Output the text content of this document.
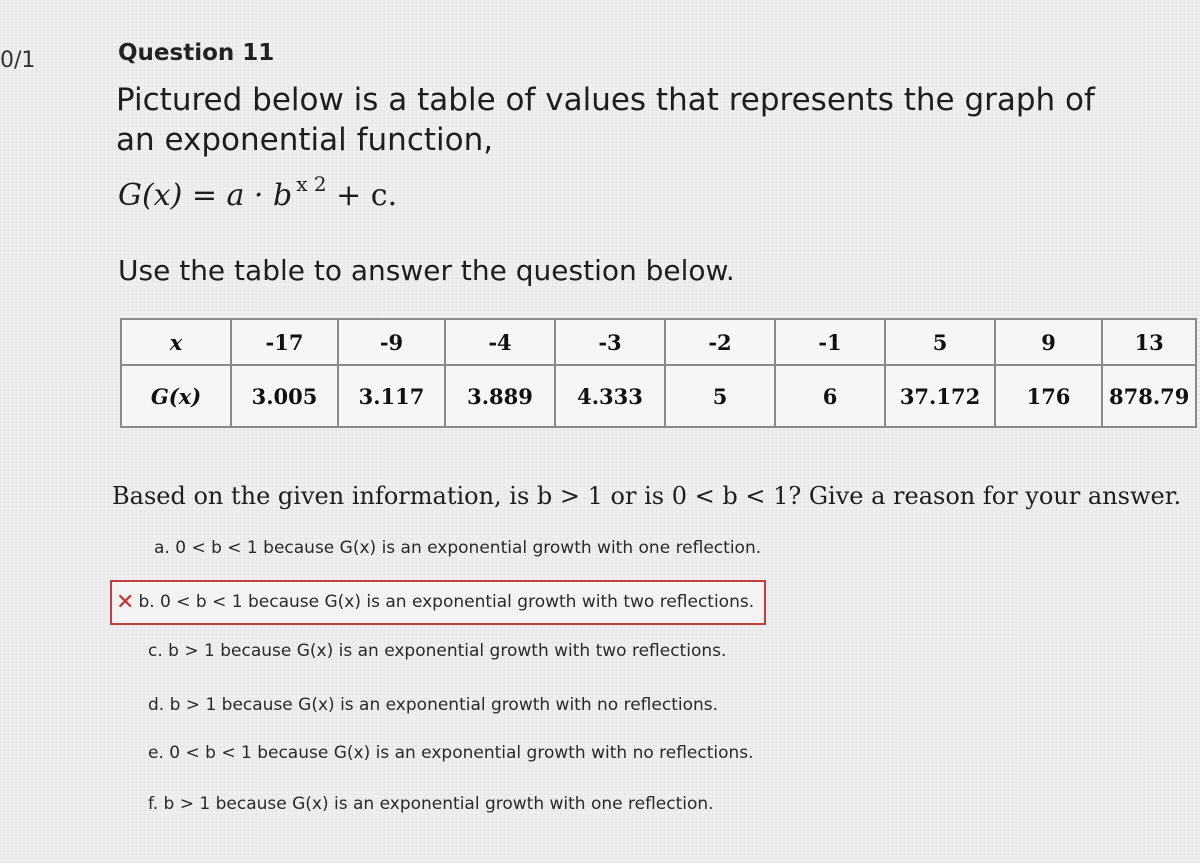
0/1	Question 11
Pictured below is a table of values that represents the graph of an exponential function,
G(x) = a · b $^{x 2}$ + c.
Use the table to answer the question below.
x	-17	-9	-4	-3	-2	-1	5	9	13
G(x)	3.005	3.117	3.889	4.333	5	6	37.172	176	878.79
Based on the given information, is b > 1 or is 0 < b < 1? Give a reason for your answer.
a. 0 < b < 1 because G(x) is an exponential growth with one reflection.
✕ b. 0 < b < 1 because G(x) is an exponential growth with two reflections.
c. b > 1 because G(x) is an exponential growth with two reflections.
d. b > 1 because G(x) is an exponential growth with no reflections.
e. 0 < b < 1 because G(x) is an exponential growth with no reflections.
f. b > 1 because G(x) is an exponential growth with one reflection.
